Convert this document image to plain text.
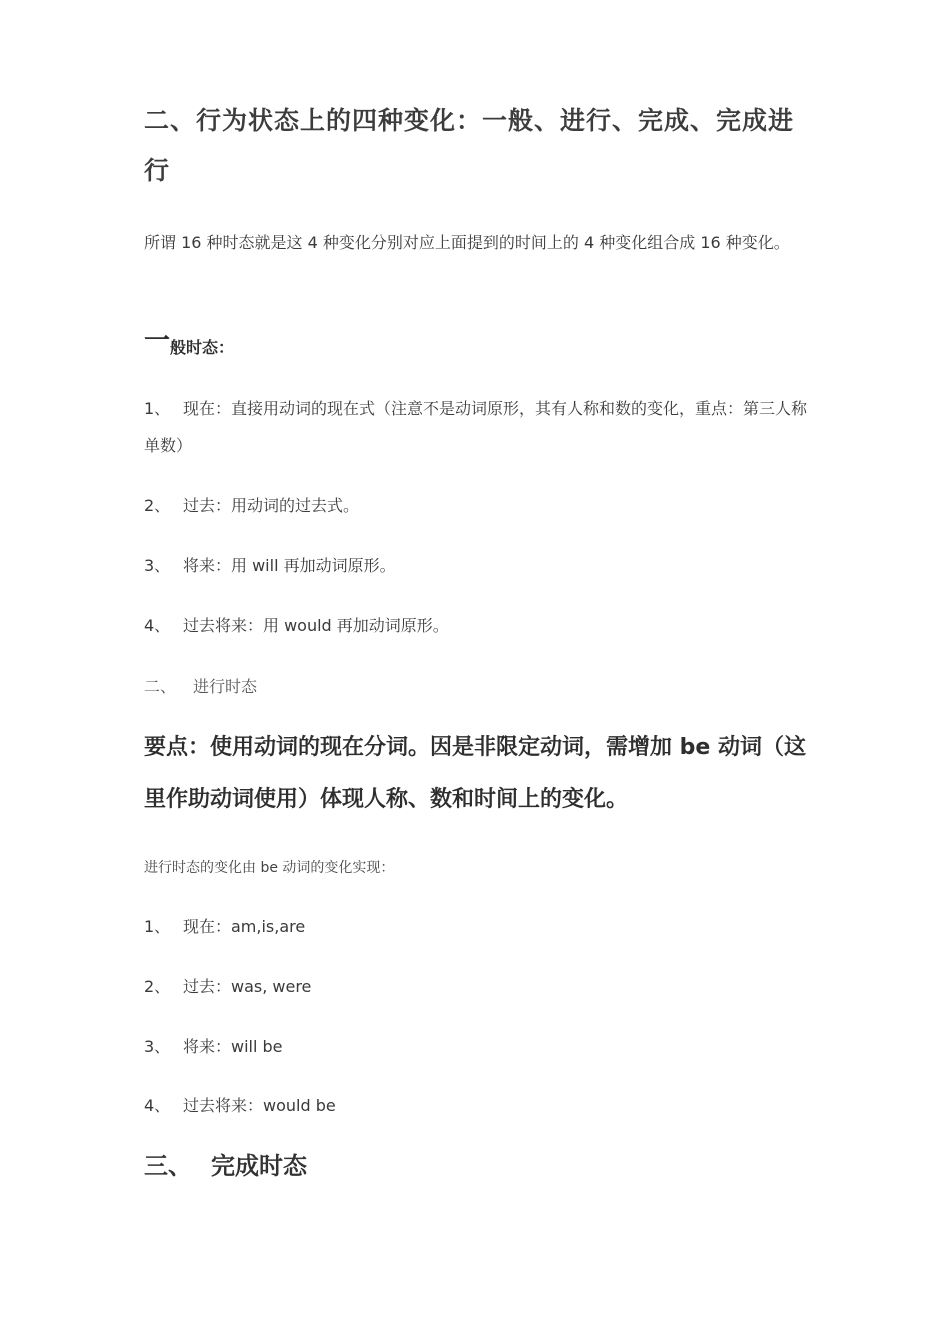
二、行为状态上的四种变化：一般、进行、完成、完成进行
所谓 16 种时态就是这 4 种变化分别对应上面提到的时间上的 4 种变化组合成 16 种变化。
一般时态：
1、 现在：直接用动词的现在式（注意不是动词原形，其有人称和数的变化，重点：第三人称单数）
2、 过去：用动词的过去式。
3、 将来：用 will 再加动词原形。
4、 过去将来：用 would 再加动词原形。
二、 进行时态
要点：使用动词的现在分词。因是非限定动词，需增加 be 动词（这里作助动词使用）体现人称、数和时间上的变化。
进行时态的变化由 be 动词的变化实现：
1、 现在：am,is,are
2、 过去：was, were
3、 将来：will be
4、 过去将来：would be
三、 完成时态
